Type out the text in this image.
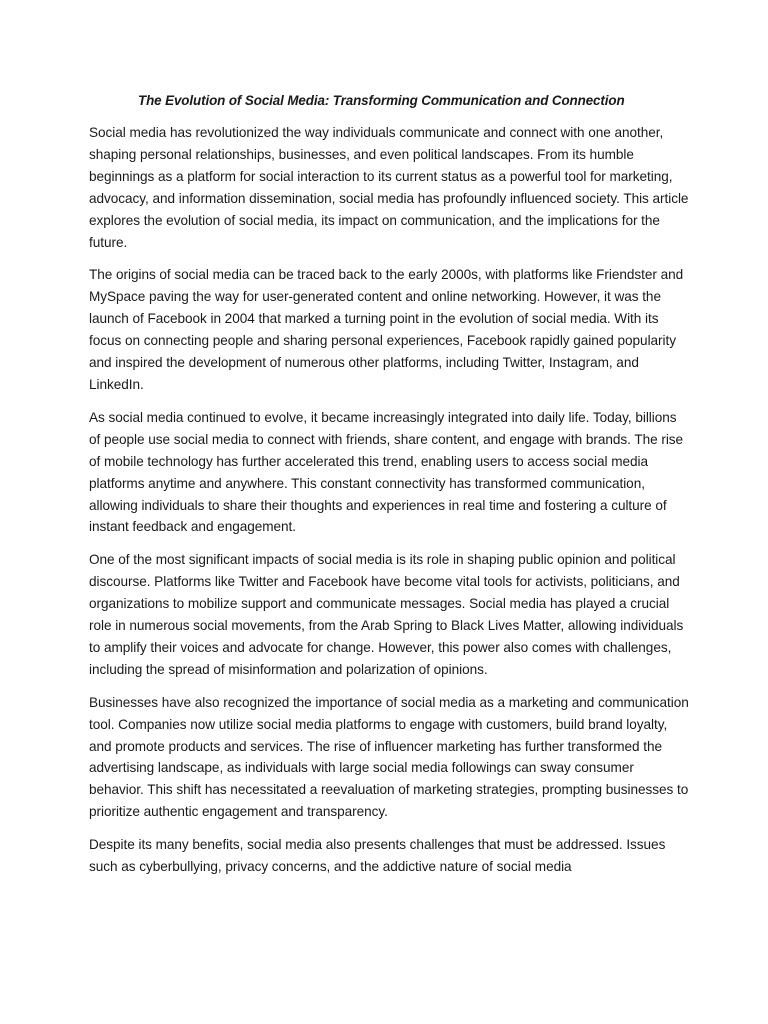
The Evolution of Social Media: Transforming Communication and Connection

Social media has revolutionized the way individuals communicate and connect with one another, shaping personal relationships, businesses, and even political landscapes. From its humble beginnings as a platform for social interaction to its current status as a powerful tool for marketing, advocacy, and information dissemination, social media has profoundly influenced society. This article explores the evolution of social media, its impact on communication, and the implications for the future.

The origins of social media can be traced back to the early 2000s, with platforms like Friendster and MySpace paving the way for user-generated content and online networking. However, it was the launch of Facebook in 2004 that marked a turning point in the evolution of social media. With its focus on connecting people and sharing personal experiences, Facebook rapidly gained popularity and inspired the development of numerous other platforms, including Twitter, Instagram, and LinkedIn.

As social media continued to evolve, it became increasingly integrated into daily life. Today, billions of people use social media to connect with friends, share content, and engage with brands. The rise of mobile technology has further accelerated this trend, enabling users to access social media platforms anytime and anywhere. This constant connectivity has transformed communication, allowing individuals to share their thoughts and experiences in real time and fostering a culture of instant feedback and engagement.

One of the most significant impacts of social media is its role in shaping public opinion and political discourse. Platforms like Twitter and Facebook have become vital tools for activists, politicians, and organizations to mobilize support and communicate messages. Social media has played a crucial role in numerous social movements, from the Arab Spring to Black Lives Matter, allowing individuals to amplify their voices and advocate for change. However, this power also comes with challenges, including the spread of misinformation and polarization of opinions.

Businesses have also recognized the importance of social media as a marketing and communication tool. Companies now utilize social media platforms to engage with customers, build brand loyalty, and promote products and services. The rise of influencer marketing has further transformed the advertising landscape, as individuals with large social media followings can sway consumer behavior. This shift has necessitated a reevaluation of marketing strategies, prompting businesses to prioritize authentic engagement and transparency.

Despite its many benefits, social media also presents challenges that must be addressed. Issues such as cyberbullying, privacy concerns, and the addictive nature of social media
